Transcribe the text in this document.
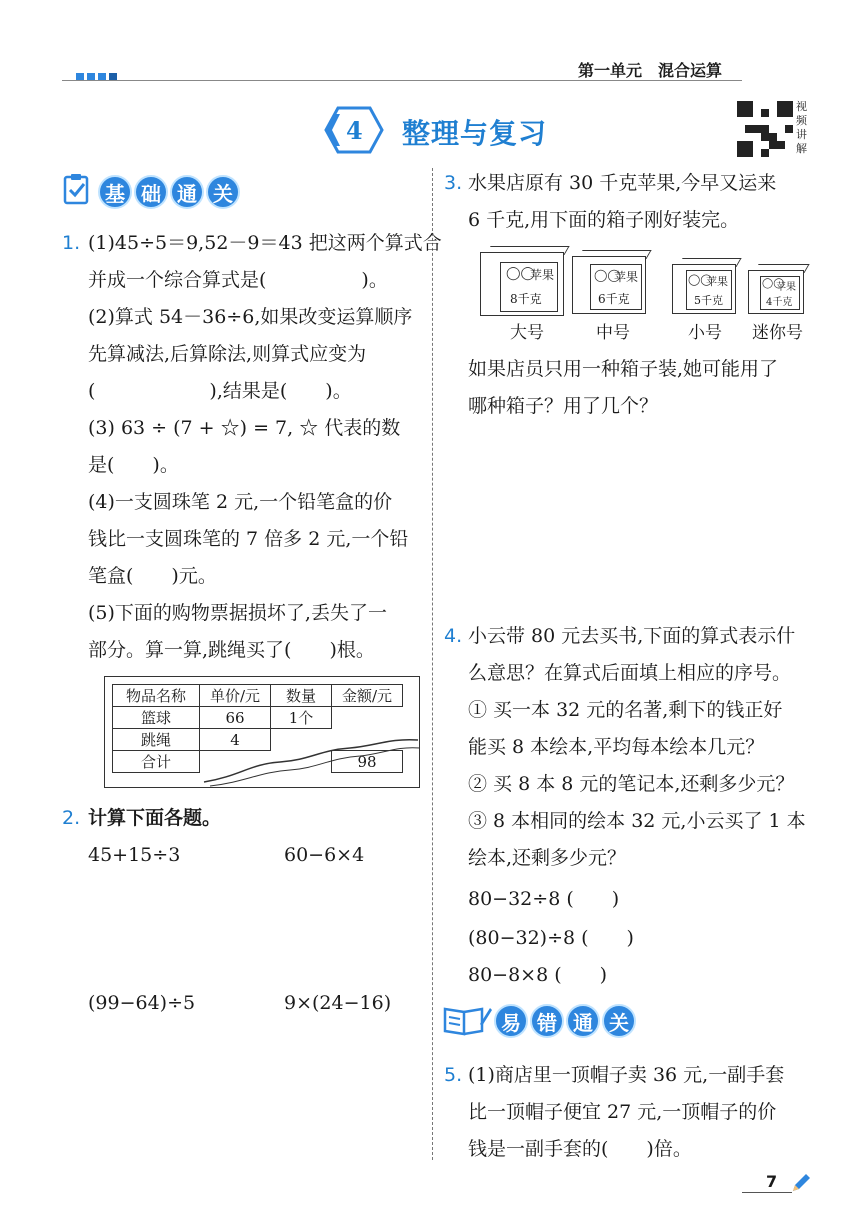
第一单元 混合运算
4 整理与复习
视
频
讲
解
基 础 通 关
1. (1)45÷5＝9,52－9＝43 把这两个算式合
并成一个综合算式是(　　　　　)。
(2)算式 54－36÷6,如果改变运算顺序
先算减法,后算除法,则算式应变为
(　　　　　　),结果是(　　)。
(3) 63 ÷ (7 + ☆) = 7, ☆ 代表的数
是(　　)。
(4)一支圆珠笔 2 元,一个铅笔盒的价
钱比一支圆珠笔的 7 倍多 2 元,一个铅
笔盒(　　)元。
(5)下面的购物票据损坏了,丢失了一
部分。算一算,跳绳买了(　　)根。
物品名称	单价/元	数量	金额/元
篮球	66	1个	
跳绳	4		
合计			98
2. 计算下面各题。
45+15÷3	60−6×4
(99−64)÷5	9×(24−16)
3. 水果店原有 30 千克苹果,今早又运来
6 千克,用下面的箱子刚好装完。
苹果
8千克
◯◯
大号
苹果
6千克
◯◯
中号
苹果
5千克
◯◯
小号
苹果
4千克
◯◯
迷你号
如果店员只用一种箱子装,她可能用了
哪种箱子？用了几个？
4. 小云带 80 元去买书,下面的算式表示什
么意思？在算式后面填上相应的序号。
① 买一本 32 元的名著,剩下的钱正好
能买 8 本绘本,平均每本绘本几元？
② 买 8 本 8 元的笔记本,还剩多少元？
③ 8 本相同的绘本 32 元,小云买了 1 本
绘本,还剩多少元？
80−32÷8 (　　)
(80−32)÷8 (　　)
80−8×8 (　　)
易 错 通 关
5. (1)商店里一顶帽子卖 36 元,一副手套
比一顶帽子便宜 27 元,一顶帽子的价
钱是一副手套的(　　)倍。
7
